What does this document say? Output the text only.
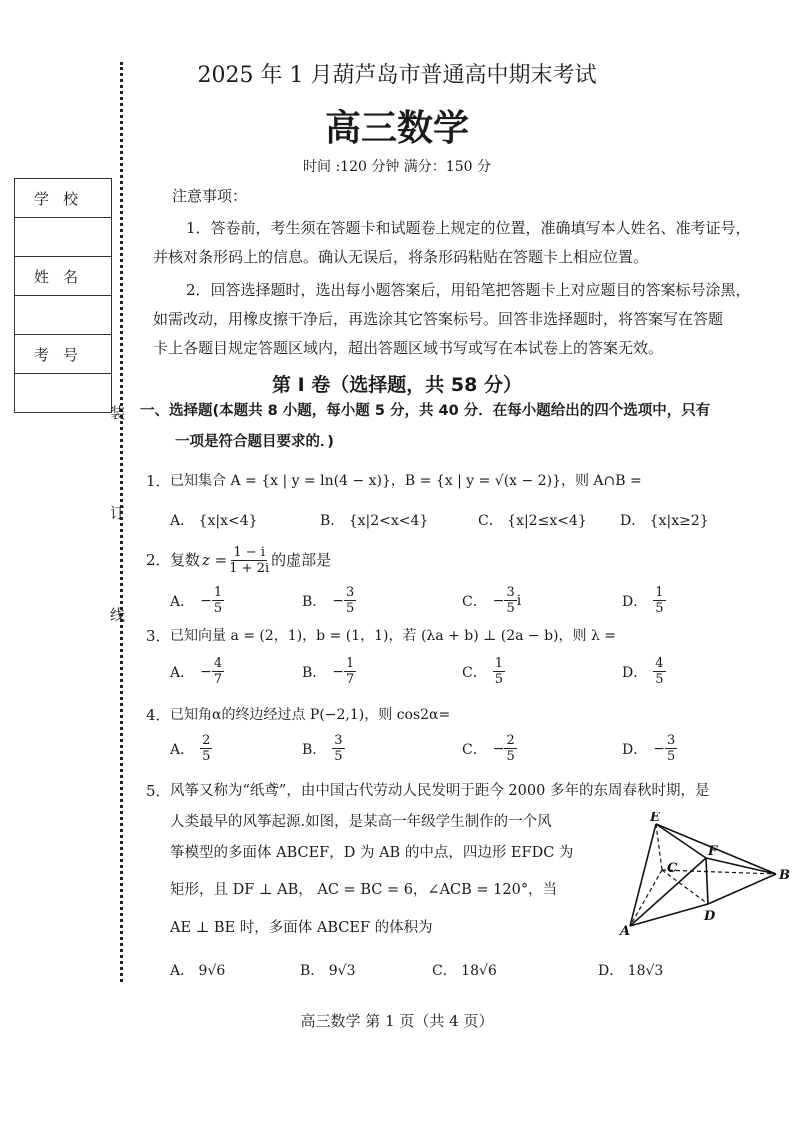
学校
姓名
考号
装
订
线
2025 年 1 月葫芦岛市普通高中期末考试
高三数学
时间 :120 分钟 满分：150 分
注意事项：
1．答卷前，考生须在答题卡和试题卷上规定的位置，准确填写本人姓名、准考证号，
并核对条形码上的信息。确认无误后，将条形码粘贴在答题卡上相应位置。
2．回答选择题时，选出每小题答案后，用铅笔把答题卡上对应题目的答案标号涂黑，
如需改动，用橡皮擦干净后，再选涂其它答案标号。回答非选择题时，将答案写在答题
卡上各题目规定答题区域内，超出答题区域书写或写在本试卷上的答案无效。
第 I 卷（选择题，共 58 分）
一、选择题(本题共 8 小题，每小题 5 分，共 40 分．在每小题给出的四个选项中，只有
一项是符合题目要求的．)
1． 已知集合 A = {x | y = ln(4 − x)}，B = {x | y = √(x − 2)}，则 A∩B =
A． {x|x<4}	B． {x|2<x<4}	C． {x|2≤x<4} D． {x|x≥2}
2． 复数 $z = \frac{1 - i}{1 + 2i}$ 的虚部是
3． 已知向量 a = (2，1)，b = (1，1)，若 (λa + b) ⊥ (2a − b)，则 λ =
4． 已知角α的终边经过点 P(−2,1)，则 cos2α=
5． 风筝又称为“纸鸢”，由中国古代劳动人民发明于距今 2000 多年的东周春秋时期，是
人类最早的风筝起源.如图，是某高一年级学生制作的一个风
筝模型的多面体 ABCEF，D 为 AB 的中点，四边形 EFDC 为
矩形，且 DF ⊥ AB， AC = BC = 6，∠ACB = 120°，当
AE ⊥ BE 时，多面体 ABCEF 的体积为
A． 9√6	B． 9√3	C． 18√6	D． 18√3
E
C
F
B
D
A
高三数学 第 1 页（共 4 页）
A． − $\frac{1}{5}$	B． − $\frac{3}{5}$	C． − $\frac{3}{5}$ i	D． $\frac{1}{5}$
A． − $\frac{4}{7}$	B． − $\frac{1}{7}$	C． $\frac{1}{5}$	D． $\frac{4}{5}$
A． $\frac{2}{5}$	B． $\frac{3}{5}$	C． − $\frac{2}{5}$	D． − $\frac{3}{5}$
